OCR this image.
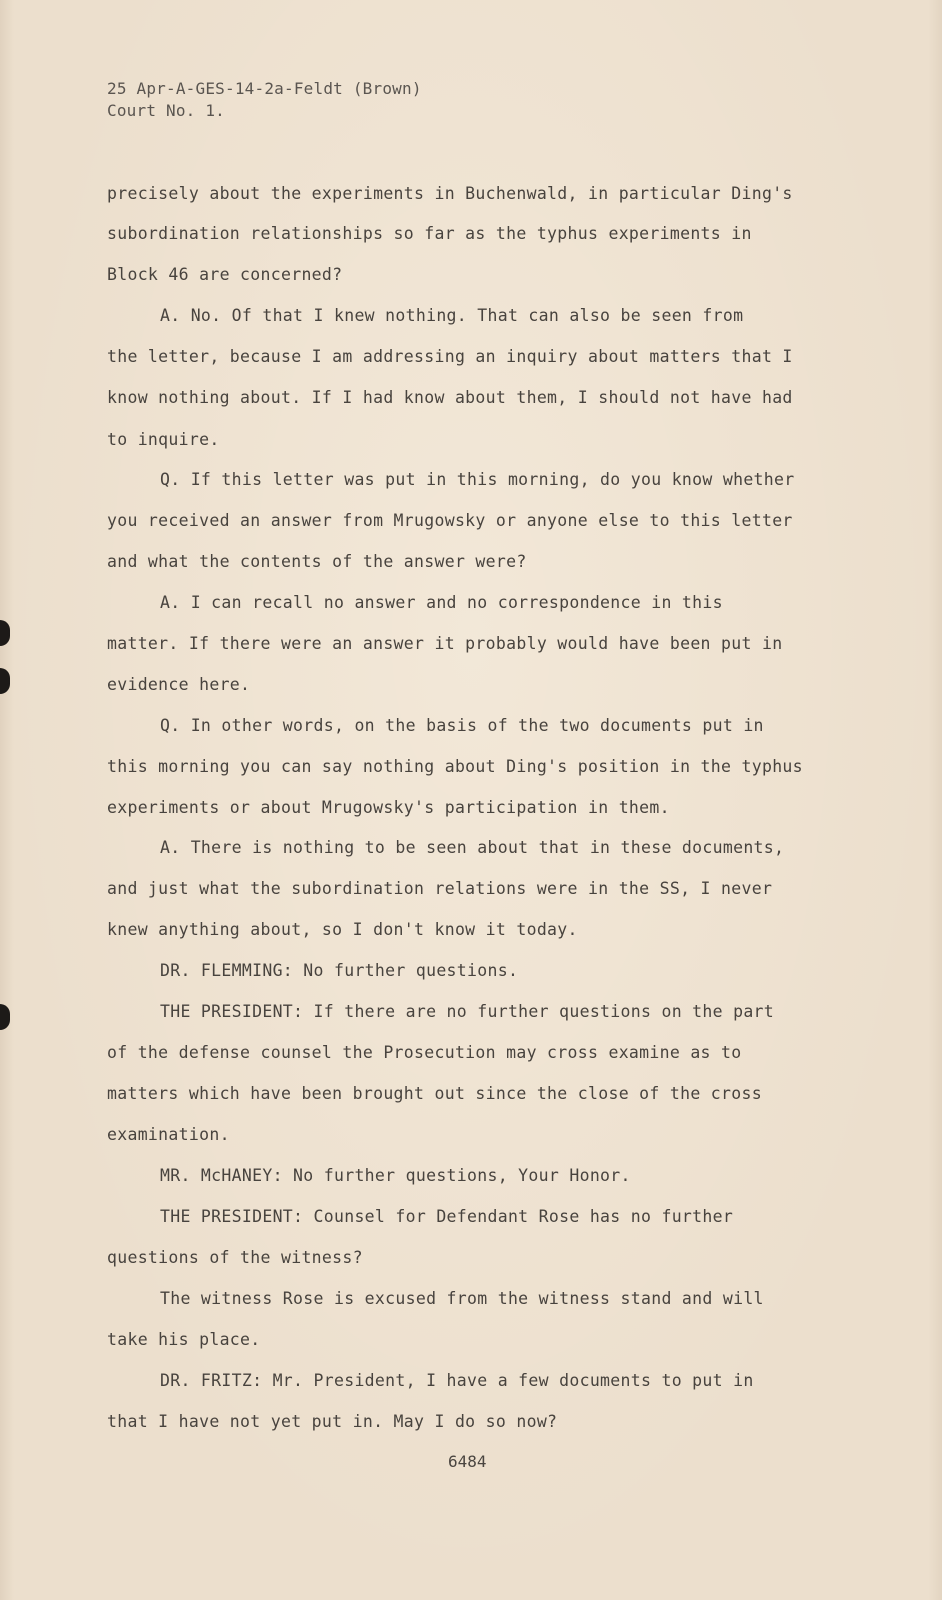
25 Apr-A-GES-14-2a-Feldt (Brown)
Court No. 1.
precisely about the experiments in Buchenwald, in particular Ding's
subordination relationships so far as the typhus experiments in
Block 46 are concerned?
A. No. Of that I knew nothing. That can also be seen from
the letter, because I am addressing an inquiry about matters that I
know nothing about. If I had know about them, I should not have had
to inquire.
Q. If this letter was put in this morning, do you know whether
you received an answer from Mrugowsky or anyone else to this letter
and what the contents of the answer were?
A. I can recall no answer and no correspondence in this
matter. If there were an answer it probably would have been put in
evidence here.
Q. In other words, on the basis of the two documents put in
this morning you can say nothing about Ding's position in the typhus
experiments or about Mrugowsky's participation in them.
A. There is nothing to be seen about that in these documents,
and just what the subordination relations were in the SS, I never
knew anything about, so I don't know it today.
DR. FLEMMING: No further questions.
THE PRESIDENT: If there are no further questions on the part
of the defense counsel the Prosecution may cross examine as to
matters which have been brought out since the close of the cross
examination.
MR. McHANEY: No further questions, Your Honor.
THE PRESIDENT: Counsel for Defendant Rose has no further
questions of the witness?
The witness Rose is excused from the witness stand and will
take his place.
DR. FRITZ: Mr. President, I have a few documents to put in
that I have not yet put in. May I do so now?
6484
